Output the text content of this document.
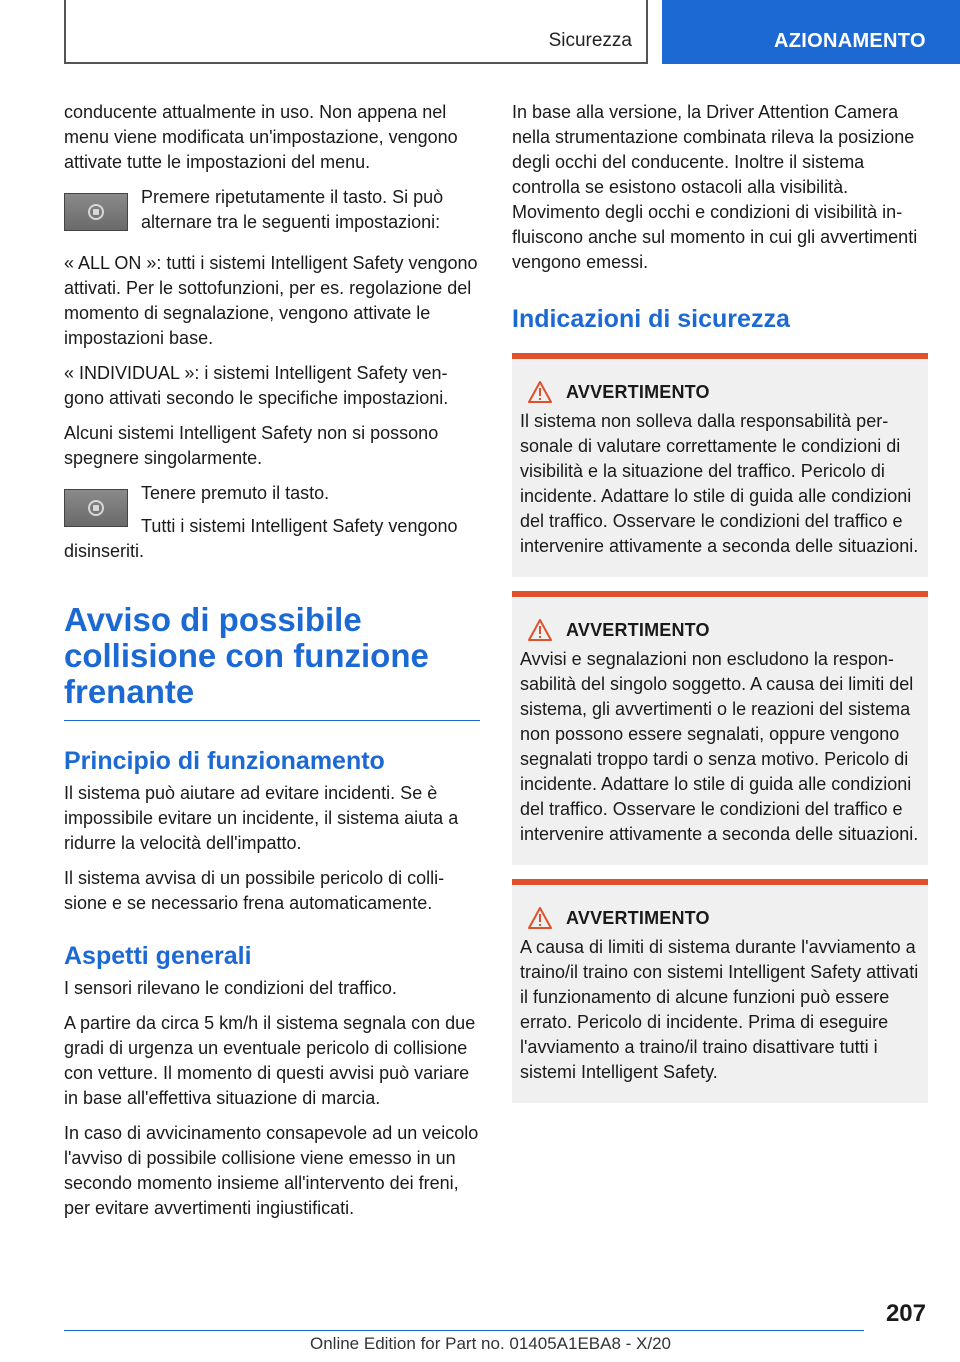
Sicurezza	AZIONAMENTO

conducente attualmente in uso. Non appena nel menu viene modificata un'impostazione, vengono attivate tutte le impostazioni del menu.

Premere ripetutamente il tasto. Si può alternare tra le seguenti impostazioni:

« ALL ON »: tutti i sistemi Intelligent Safety vengono attivati. Per le sottofunzioni, per es. regolazione del momento di segnalazione, vengono attivate le impostazioni base.

« INDIVIDUAL »: i sistemi Intelligent Safety vengono attivati secondo le specifiche impostazioni.

Alcuni sistemi Intelligent Safety non si possono spegnere singolarmente.

Tenere premuto il tasto.

Tutti i sistemi Intelligent Safety vengono disinseriti.

Avviso di possibile collisione con funzione frenante
Principio di funzionamento

Il sistema può aiutare ad evitare incidenti. Se è impossibile evitare un incidente, il sistema aiuta a ridurre la velocità dell'impatto.

Il sistema avvisa di un possibile pericolo di collisione e se necessario frena automaticamente.

Aspetti generali

I sensori rilevano le condizioni del traffico.

A partire da circa 5 km/h il sistema segnala con due gradi di urgenza un eventuale pericolo di collisione con vetture. Il momento di questi avvisi può variare in base all'effettiva situazione di marcia.

In caso di avvicinamento consapevole ad un veicolo l'avviso di possibile collisione viene emesso in un secondo momento insieme all'intervento dei freni, per evitare avvertimenti ingiustificati.

In base alla versione, la Driver Attention Camera nella strumentazione combinata rileva la posizione degli occhi del conducente. Inoltre il sistema controlla se esistono ostacoli alla visibilità. Movimento degli occhi e condizioni di visibilità influiscono anche sul momento in cui gli avvertimenti vengono emessi.

Indicazioni di sicurezza
AVVERTIMENTO

Il sistema non solleva dalla responsabilità personale di valutare correttamente le condizioni di visibilità e la situazione del traffico. Pericolo di incidente. Adattare lo stile di guida alle condizioni del traffico. Osservare le condizioni del traffico e intervenire attivamente a seconda delle situazioni.

AVVERTIMENTO

Avvisi e segnalazioni non escludono la responsabilità del singolo soggetto. A causa dei limiti del sistema, gli avvertimenti o le reazioni del sistema non possono essere segnalati, oppure vengono segnalati troppo tardi o senza motivo. Pericolo di incidente. Adattare lo stile di guida alle condizioni del traffico. Osservare le condizioni del traffico e intervenire attivamente a seconda delle situazioni.

AVVERTIMENTO

A causa di limiti di sistema durante l'avviamento a traino/il traino con sistemi Intelligent Safety attivati il funzionamento di alcune funzioni può essere errato. Pericolo di incidente. Prima di eseguire l'avviamento a traino/il traino disattivare tutti i sistemi Intelligent Safety.

207
Online Edition for Part no. 01405A1EBA8 - X/20
